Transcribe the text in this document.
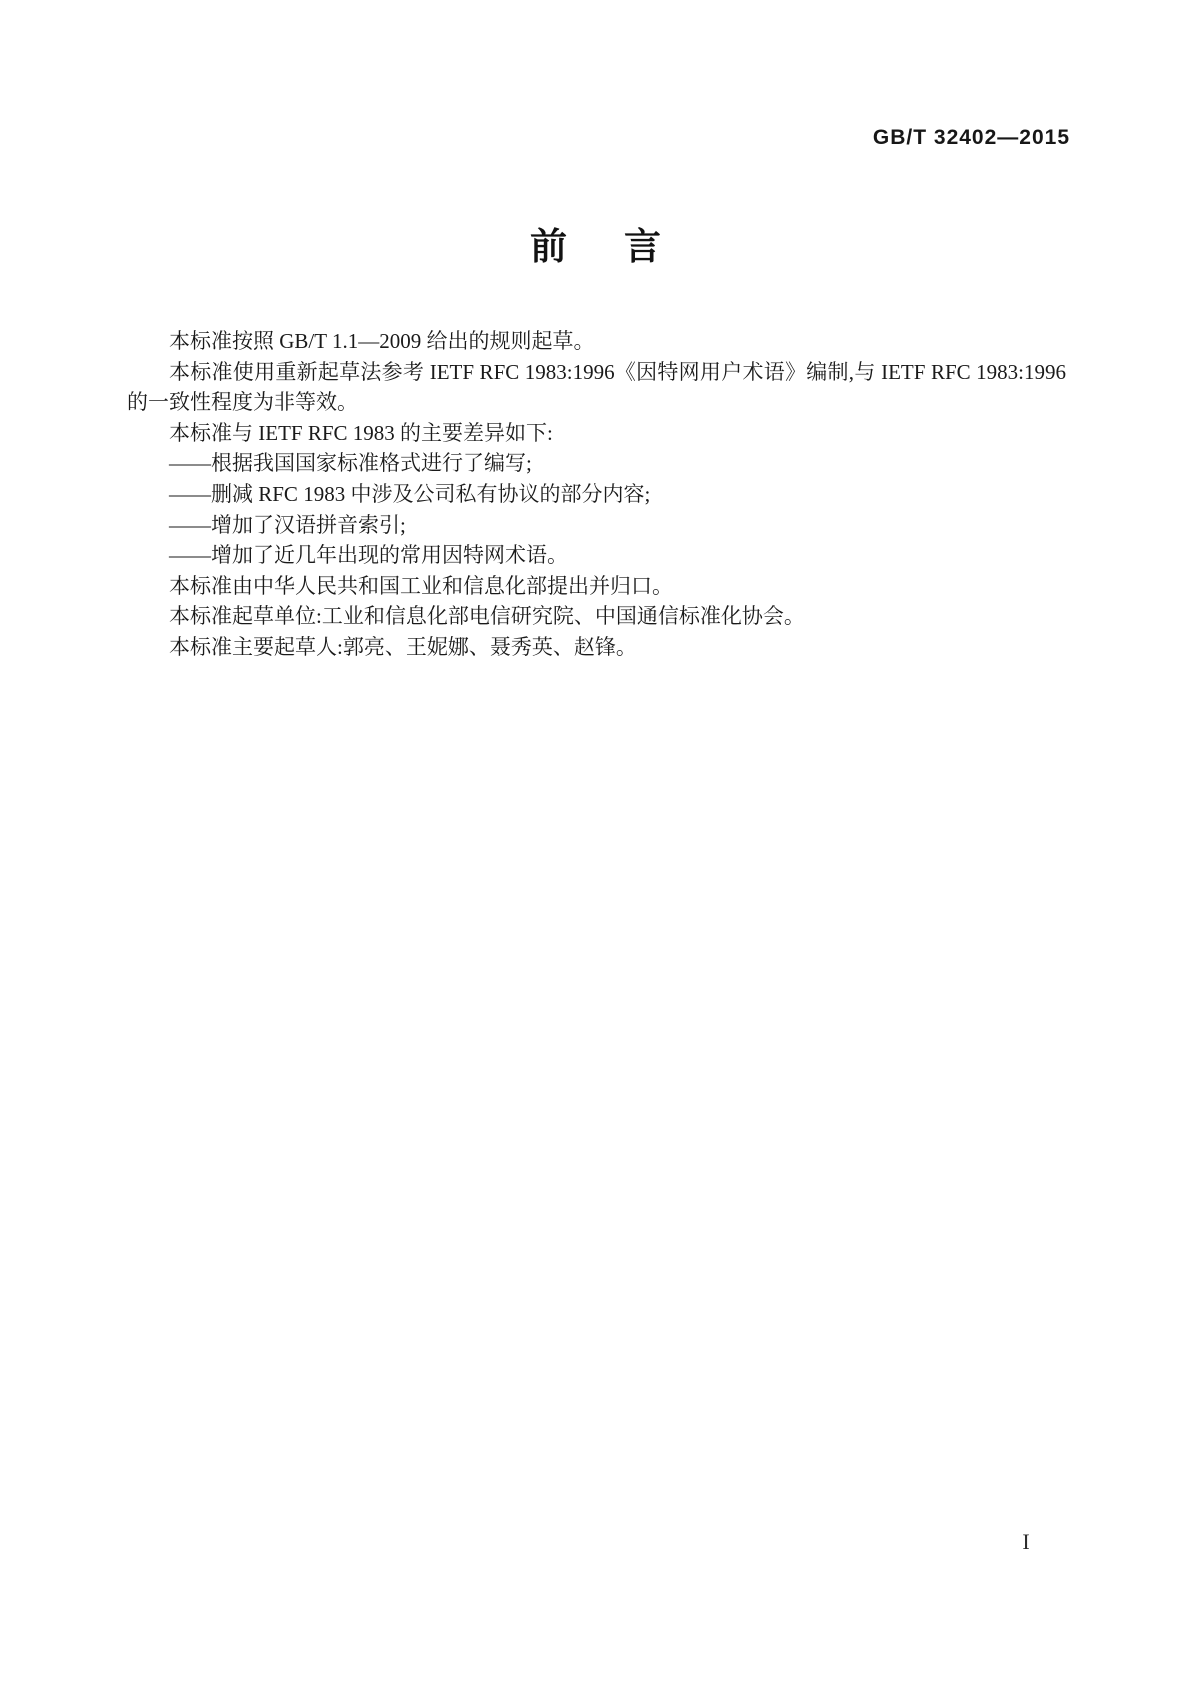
GB/T 32402—2015
前言

本标准按照 GB/T 1.1—2009 给出的规则起草。

本标准使用重新起草法参考 IETF RFC 1983:1996《因特网用户术语》编制,与 IETF RFC 1983:1996 的一致性程度为非等效。

本标准与 IETF RFC 1983 的主要差异如下:

——根据我国国家标准格式进行了编写;

——删减 RFC 1983 中涉及公司私有协议的部分内容;

——增加了汉语拼音索引;

——增加了近几年出现的常用因特网术语。

本标准由中华人民共和国工业和信息化部提出并归口。

本标准起草单位:工业和信息化部电信研究院、中国通信标准化协会。

本标准主要起草人:郭亮、王妮娜、聂秀英、赵锋。

I
